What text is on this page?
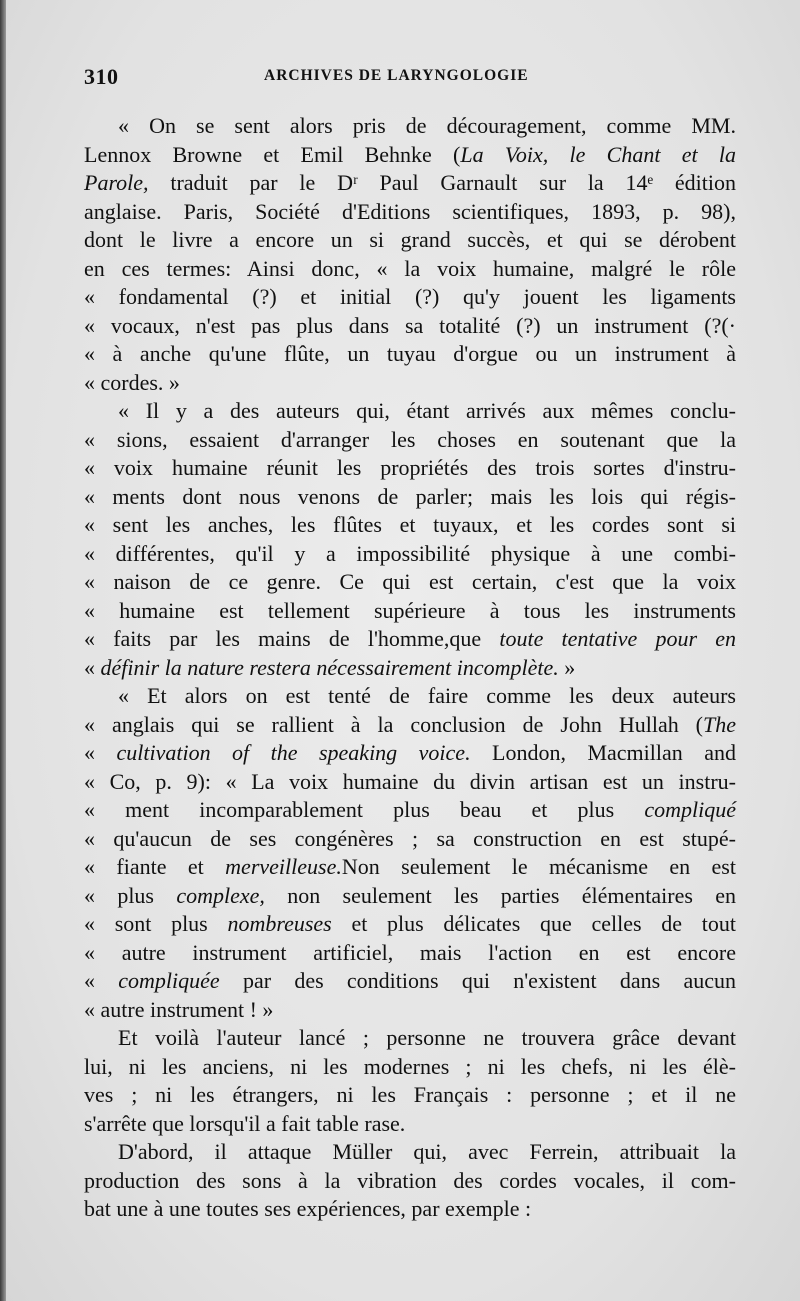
310	ARCHIVES DE LARYNGOLOGIE
« On se sent alors pris de découragement, comme MM.
Lennox Browne et Emil Behnke (La Voix, le Chant et la
Parole, traduit par le Dʳ Paul Garnault sur la 14ᵉ édition
anglaise. Paris, Société d'Editions scientifiques, 1893, p. 98),
dont le livre a encore un si grand succès, et qui se dérobent
en ces termes: Ainsi donc, « la voix humaine, malgré le rôle
« fondamental (?) et initial (?) qu'y jouent les ligaments
« vocaux, n'est pas plus dans sa totalité (?) un instrument (?(·
« à anche qu'une flûte, un tuyau d'orgue ou un instrument à
« cordes. »
« Il y a des auteurs qui, étant arrivés aux mêmes conclu-
« sions, essaient d'arranger les choses en soutenant que la
« voix humaine réunit les propriétés des trois sortes d'instru-
« ments dont nous venons de parler; mais les lois qui régis-
« sent les anches, les flûtes et tuyaux, et les cordes sont si
« différentes, qu'il y a impossibilité physique à une combi-
« naison de ce genre. Ce qui est certain, c'est que la voix
« humaine est tellement supérieure à tous les instruments
« faits par les mains de l'homme,que toute tentative pour en
« définir la nature restera nécessairement incomplète. »
« Et alors on est tenté de faire comme les deux auteurs
« anglais qui se rallient à la conclusion de John Hullah (The
« cultivation of the speaking voice. London, Macmillan and
« Co, p. 9): « La voix humaine du divin artisan est un instru-
« ment incomparablement plus beau et plus compliqué
« qu'aucun de ses congénères ; sa construction en est stupé-
« fiante et merveilleuse.Non seulement le mécanisme en est
« plus complexe, non seulement les parties élémentaires en
« sont plus nombreuses et plus délicates que celles de tout
« autre instrument artificiel, mais l'action en est encore
« compliquée par des conditions qui n'existent dans aucun
« autre instrument ! »
Et voilà l'auteur lancé ; personne ne trouvera grâce devant
lui, ni les anciens, ni les modernes ; ni les chefs, ni les élè-
ves ; ni les étrangers, ni les Français : personne ; et il ne
s'arrête que lorsqu'il a fait table rase.
D'abord, il attaque Müller qui, avec Ferrein, attribuait la
production des sons à la vibration des cordes vocales, il com-
bat une à une toutes ses expériences, par exemple :
